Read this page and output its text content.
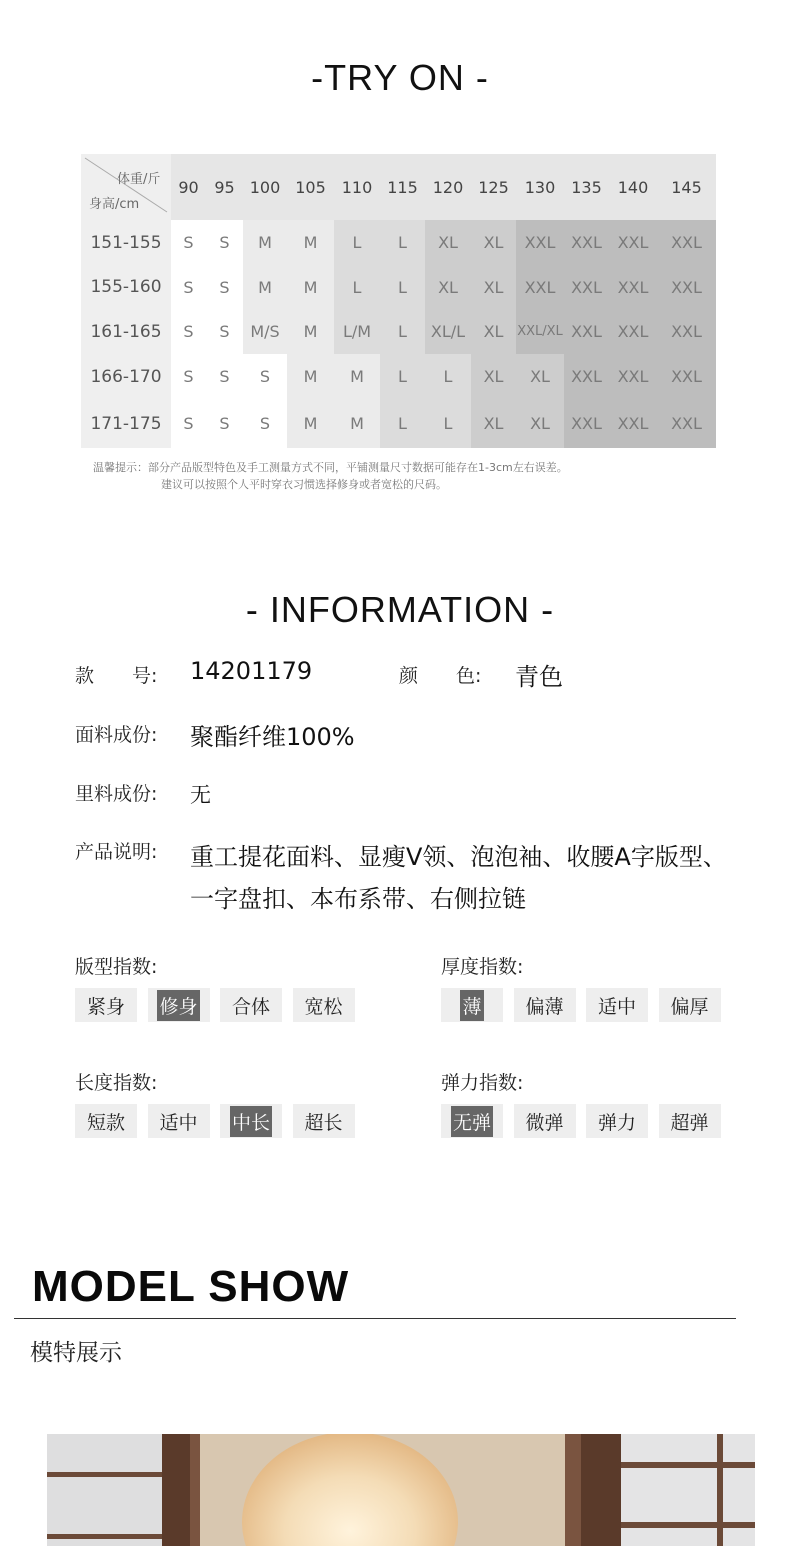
-TRY ON -
体重/斤
身高/cm
90 95 100 105 110 115 120 125 130 135 140	145
151-155	S	S	M	M	L	L	XL	XL	XXL XXL XXL	XXL
155-160	S	S	M	M	L	L	XL	XL	XXL XXL XXL	XXL
161-165	S	S	M/S	M	L/M	L	XL/L	XL	XXL/XL XXL XXL	XXL
166-170	S	S	S	M	M	L	L	XL	XL	XXL XXL	XXL
171-175	S	S	S	M	M	L	L	XL	XL	XXL XXL	XXL
温馨提示：部分产品版型特色及手工测量方式不同，平铺测量尺寸数据可能存在1-3cm左右误差。
建议可以按照个人平时穿衣习惯选择修身或者宽松的尺码。
- INFORMATION -
款　　号: 14201179	颜　　色: 青色
面料成份: 聚酯纤维100%
里料成份: 无
产品说明: 重工提花面料、显瘦V领、泡泡袖、收腰A字版型、一字盘扣、本布系带、右侧拉链
版型指数:
紧身 修身 合体 宽松
厚度指数:
薄 偏薄 适中 偏厚
长度指数:
短款 适中 中长 超长
弹力指数:
无弹 微弹 弹力 超弹
MODEL SHOW
模特展示
